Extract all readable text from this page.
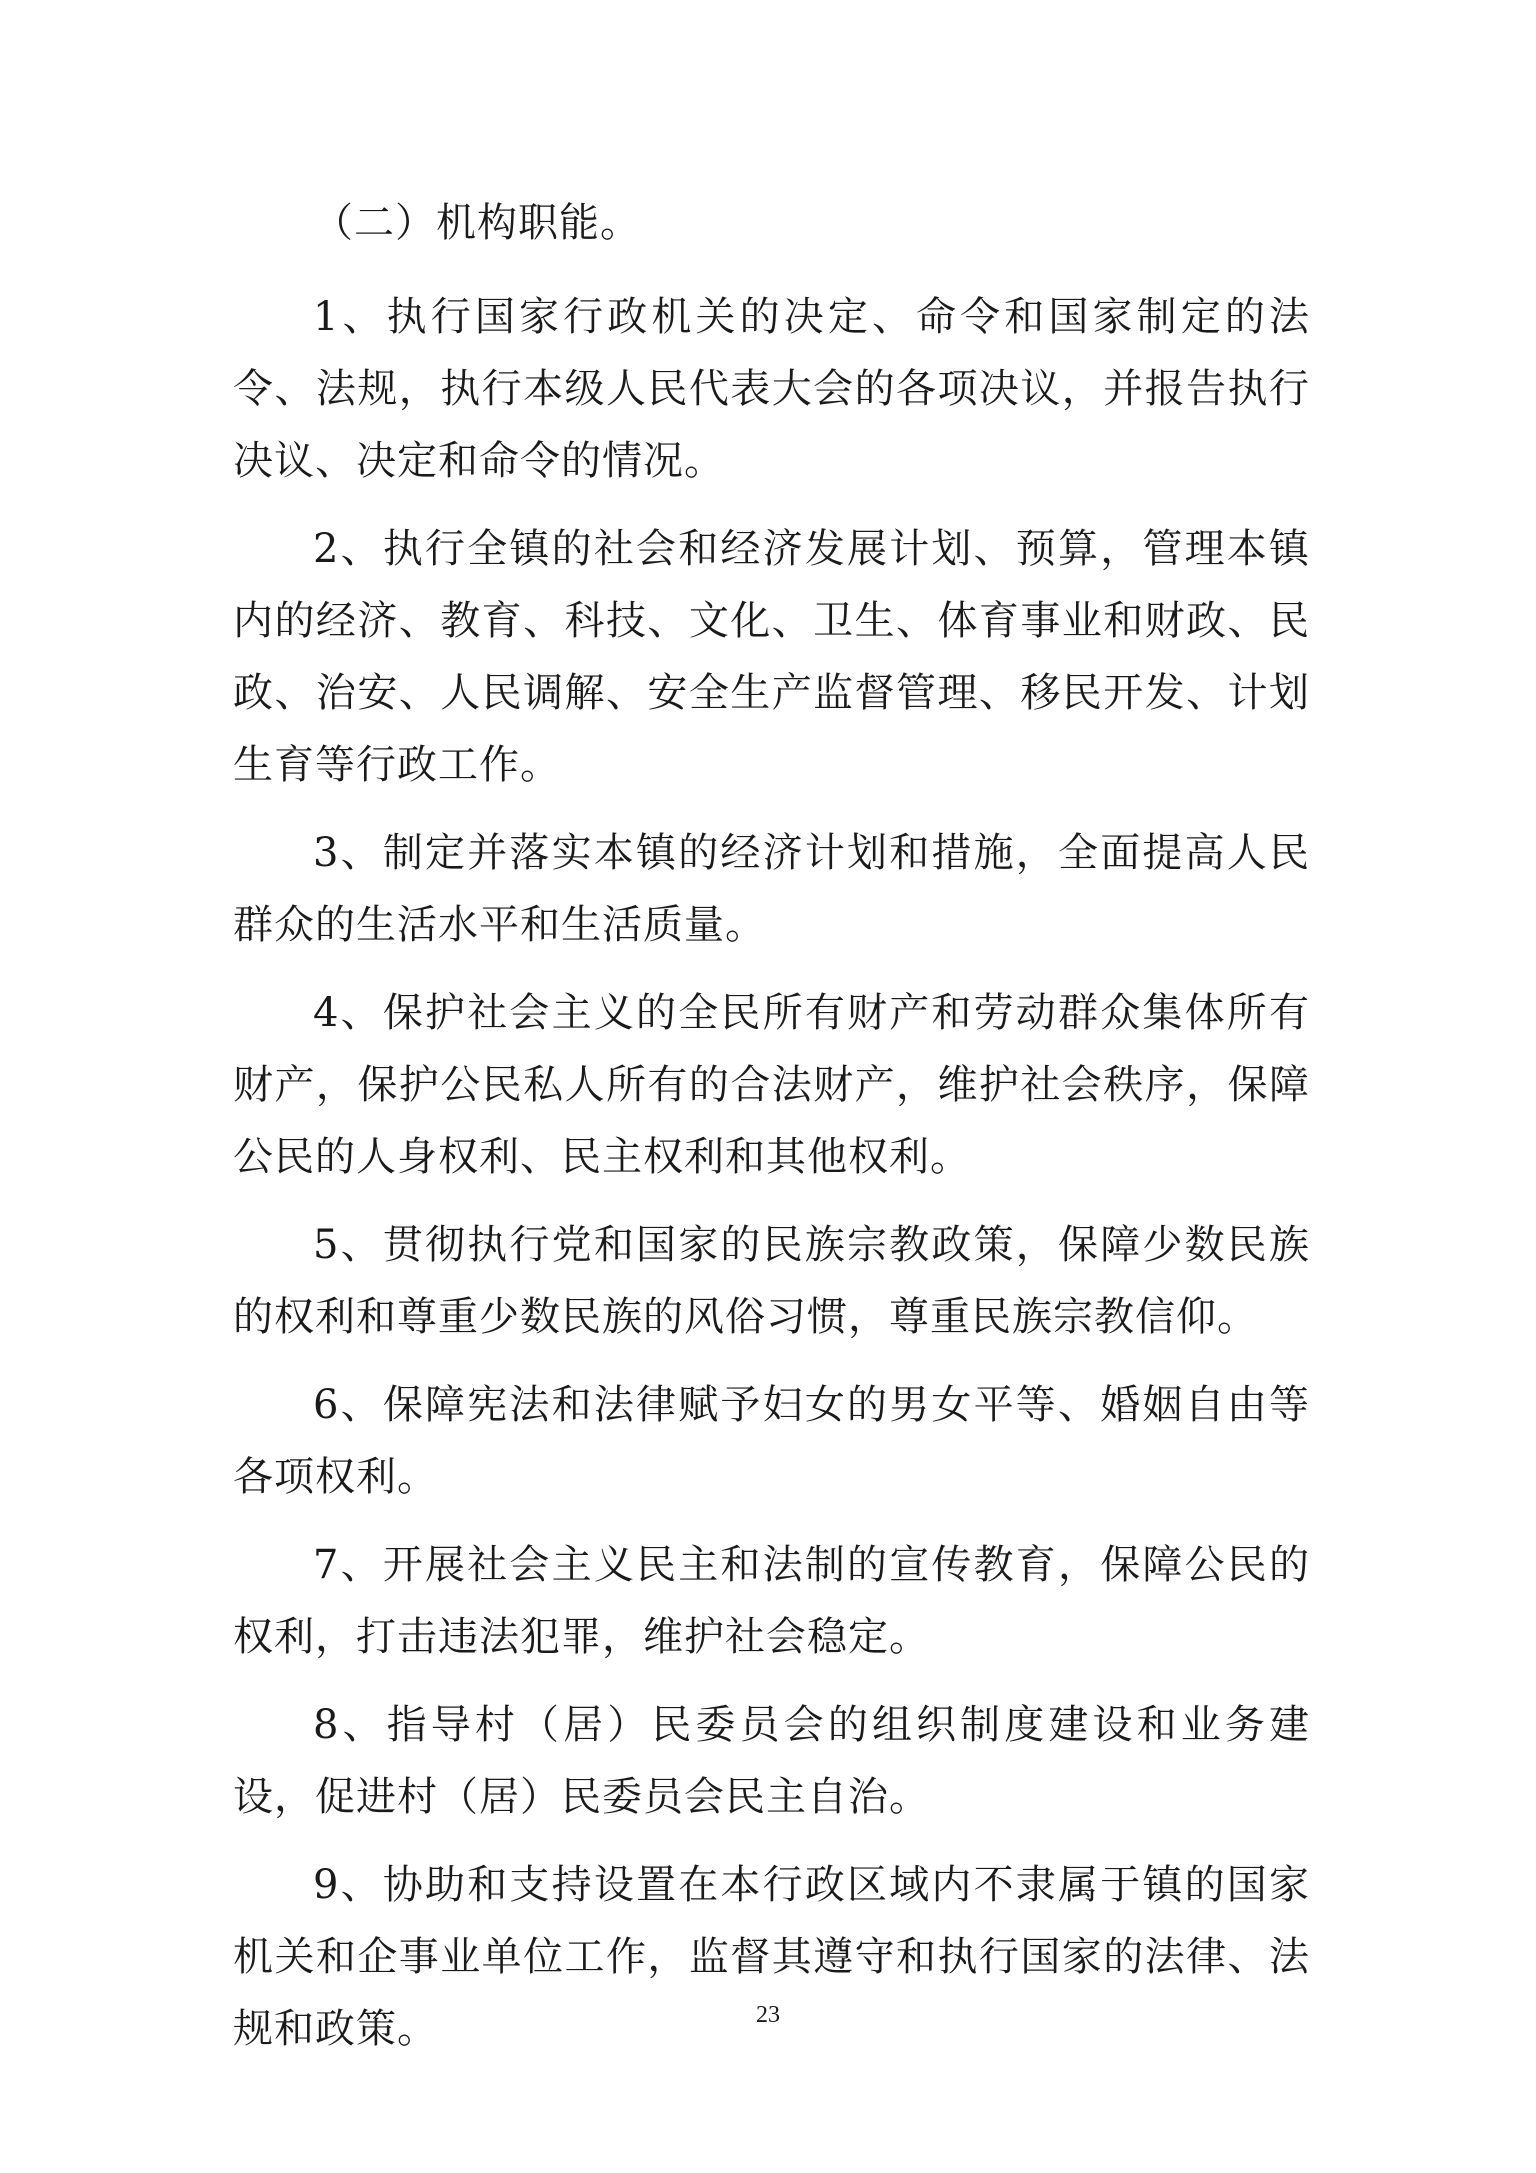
（二）机构职能。

1、执行国家行政机关的决定、命令和国家制定的法令、法规，执行本级人民代表大会的各项决议，并报告执行决议、决定和命令的情况。

2、执行全镇的社会和经济发展计划、预算，管理本镇内的经济、教育、科技、文化、卫生、体育事业和财政、民政、治安、人民调解、安全生产监督管理、移民开发、计划生育等行政工作。

3、制定并落实本镇的经济计划和措施，全面提高人民群众的生活水平和生活质量。

4、保护社会主义的全民所有财产和劳动群众集体所有财产，保护公民私人所有的合法财产，维护社会秩序，保障公民的人身权利、民主权利和其他权利。

5、贯彻执行党和国家的民族宗教政策，保障少数民族的权利和尊重少数民族的风俗习惯，尊重民族宗教信仰。

6、保障宪法和法律赋予妇女的男女平等、婚姻自由等各项权利。

7、开展社会主义民主和法制的宣传教育，保障公民的权利，打击违法犯罪，维护社会稳定。

8、指导村（居）民委员会的组织制度建设和业务建设，促进村（居）民委员会民主自治。

9、协助和支持设置在本行政区域内不隶属于镇的国家机关和企事业单位工作，监督其遵守和执行国家的法律、法规和政策。	23
